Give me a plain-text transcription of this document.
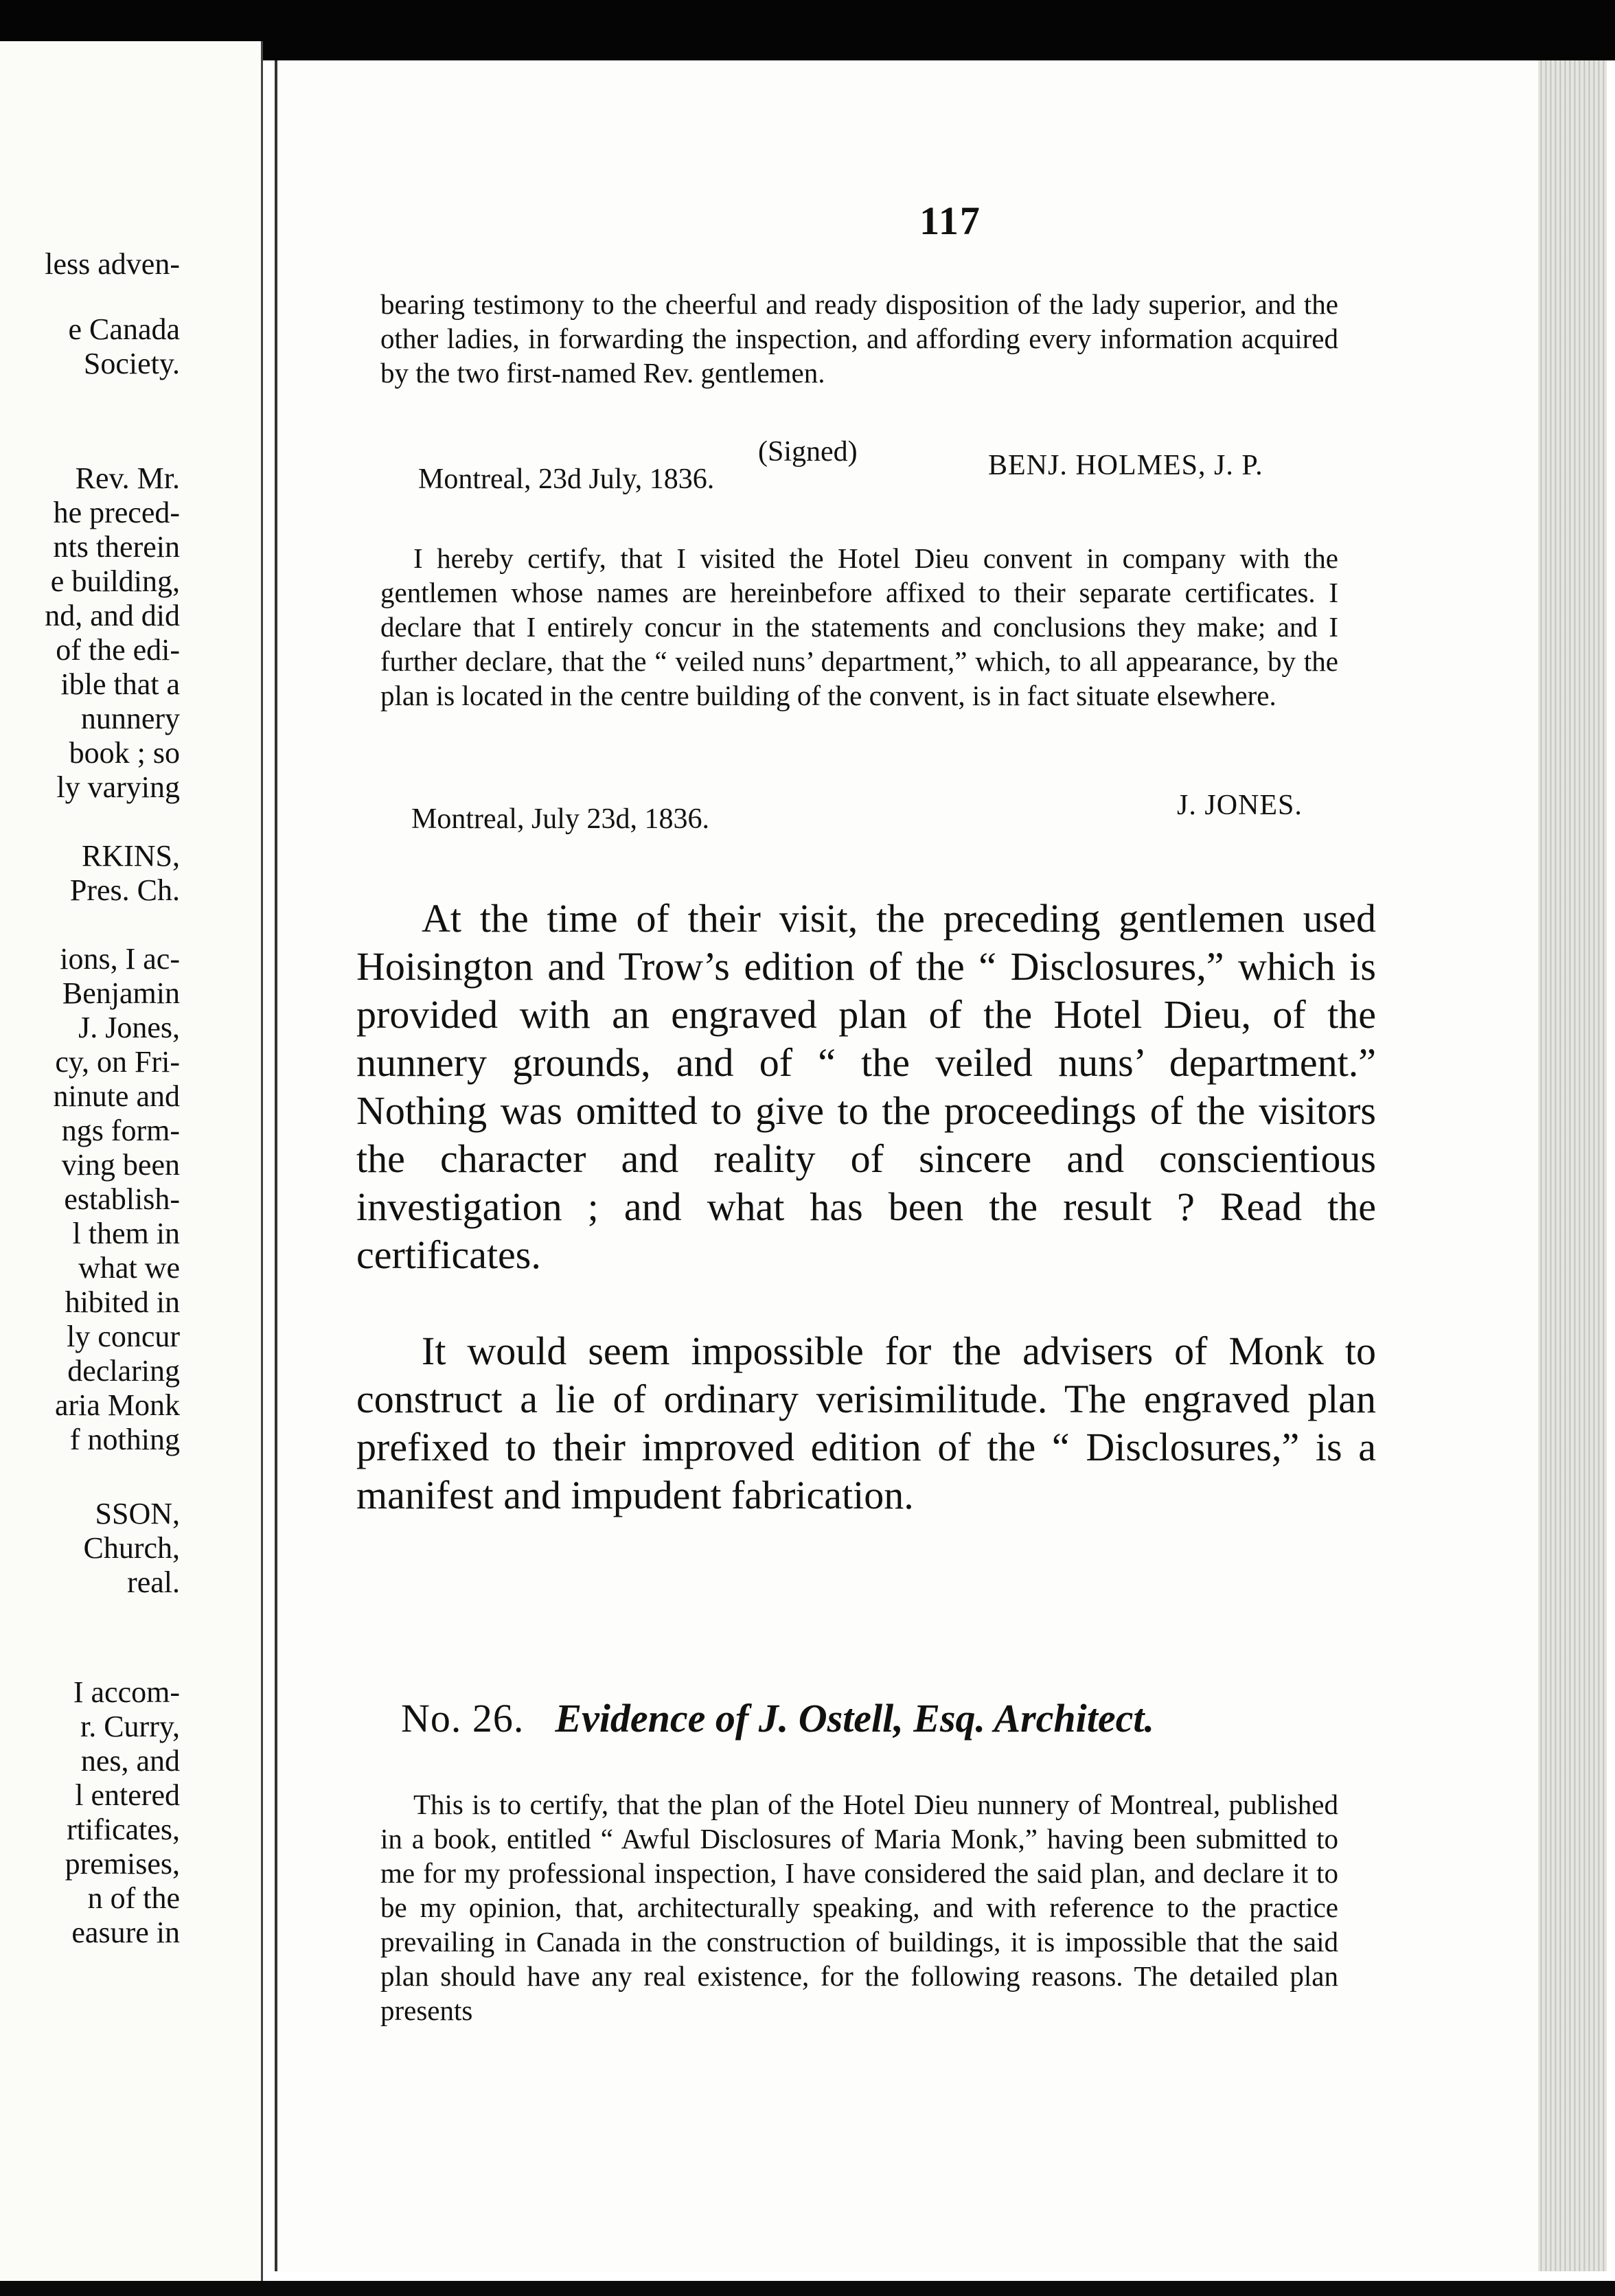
less adven-
e Canada
Society.
Rev. Mr.
he preced-
nts therein
e building,
nd, and did
of the edi-
ible that a
nunnery
book ; so
ly varying
RKINS,
Pres. Ch.
ions, I ac-
Benjamin
J. Jones,
cy, on Fri-
ninute and
ngs form-
ving been
establish-
l them in
what we
hibited in
ly concur
declaring
aria Monk
f nothing
SSON,
Church,
real.
I accom-
r. Curry,
nes, and
l entered
rtificates,
premises,
n of the
easure in
117
bearing testimony to the cheerful and ready disposition of the lady superior, and the other ladies, in forwarding the inspection, and affording every information acquired by the two first-named Rev. gentlemen.
(Signed)
Montreal, 23d July, 1836.	BENJ. HOLMES, J. P.
I hereby certify, that I visited the Hotel Dieu convent in company with the gentlemen whose names are hereinbefore affixed to their separate certificates. I declare that I entirely concur in the statements and conclusions they make; and I further declare, that the “ veiled nuns’ department,” which, to all appearance, by the plan is located in the centre building of the convent, is in fact situate elsewhere.
Montreal, July 23d, 1836.	J. JONES.
At the time of their visit, the preceding gentlemen used Hoisington and Trow’s edition of the “ Disclosures,” which is provided with an engraved plan of the Hotel Dieu, of the nunnery grounds, and of “ the veiled nuns’ department.” Nothing was omitted to give to the proceedings of the visitors the character and reality of sincere and conscientious investigation ; and what has been the result ? Read the certificates.
It would seem impossible for the advisers of Monk to construct a lie of ordinary verisimilitude. The engraved plan prefixed to their improved edition of the “ Disclosures,” is a manifest and impudent fabrication.
No. 26. Evidence of J. Ostell, Esq. Architect.
This is to certify, that the plan of the Hotel Dieu nunnery of Montreal, published in a book, entitled “ Awful Disclosures of Maria Monk,” having been submitted to me for my professional inspection, I have considered the said plan, and declare it to be my opinion, that, architecturally speaking, and with reference to the practice prevailing in Canada in the construction of buildings, it is impossible that the said plan should have any real existence, for the following reasons. The detailed plan presents
